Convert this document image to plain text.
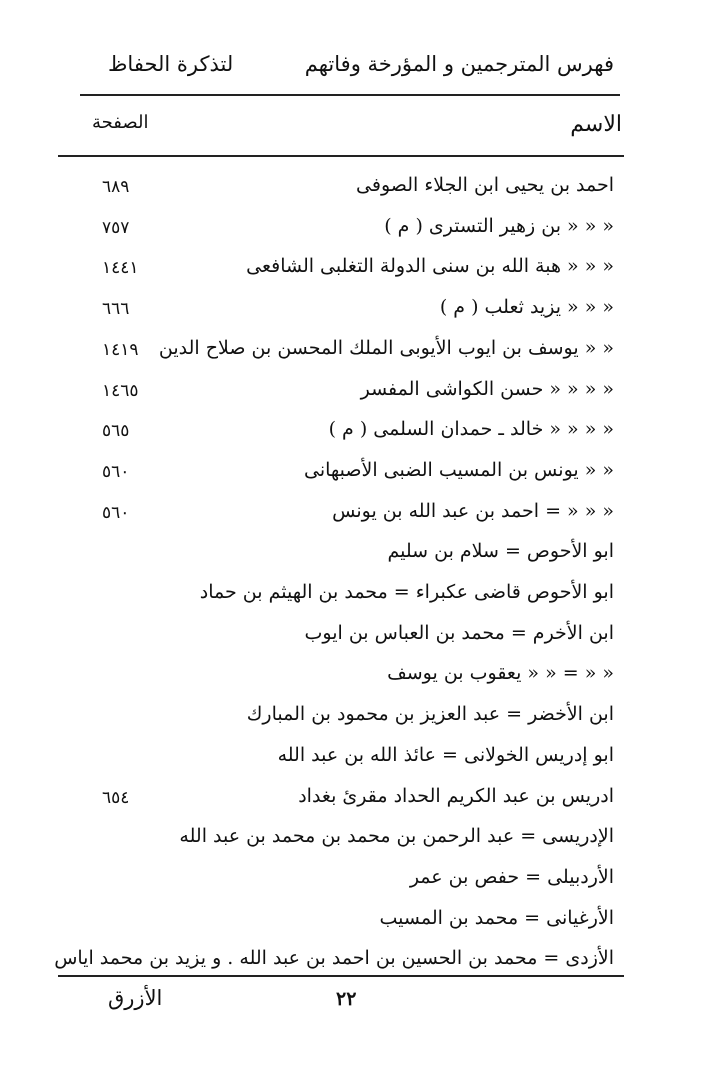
لتذكرة الحفاظ	فهرس المترجمين و المؤرخة وفاتهم
الاسم
الصفحة
احمد بن يحيى ابن الجلاء الصوفى
٦٨٩
« « « بن زهير التسترى ( م )
٧٥٧
« « « هبة الله بن سنى الدولة التغلبى الشافعى
١٤٤١
« « « يزيد ثعلب ( م )
٦٦٦
« « يوسف بن ايوب الأيوبى الملك المحسن بن صلاح الدين
١٤١٩
« « « « حسن الكواشى المفسر
١٤٦٥
« « « « خالد ـ حمدان السلمى ( م )
٥٦٥
« « يونس بن المسيب الضبى الأصبهانى
٥٦٠
« « « = احمد بن عبد الله بن يونس
٥٦٠
ابو الأحوص = سلام بن سليم
ابو الأحوص قاضى عكبراء = محمد بن الهيثم بن حماد
ابن الأخرم = محمد بن العباس بن ايوب
« « = « « يعقوب بن يوسف
ابن الأخضر = عبد العزيز بن محمود بن المبارك
ابو إدريس الخولانى = عائذ الله بن عبد الله
ادريس بن عبد الكريم الحداد مقرئ بغداد
٦٥٤
الإدريسى = عبد الرحمن بن محمد بن محمد بن عبد الله
الأردبيلى = حفص بن عمر
الأرغيانى = محمد بن المسيب
الأزدى = محمد بن الحسين بن احمد بن عبد الله . و يزيد بن محمد اياس
الأزرق	٢٢
